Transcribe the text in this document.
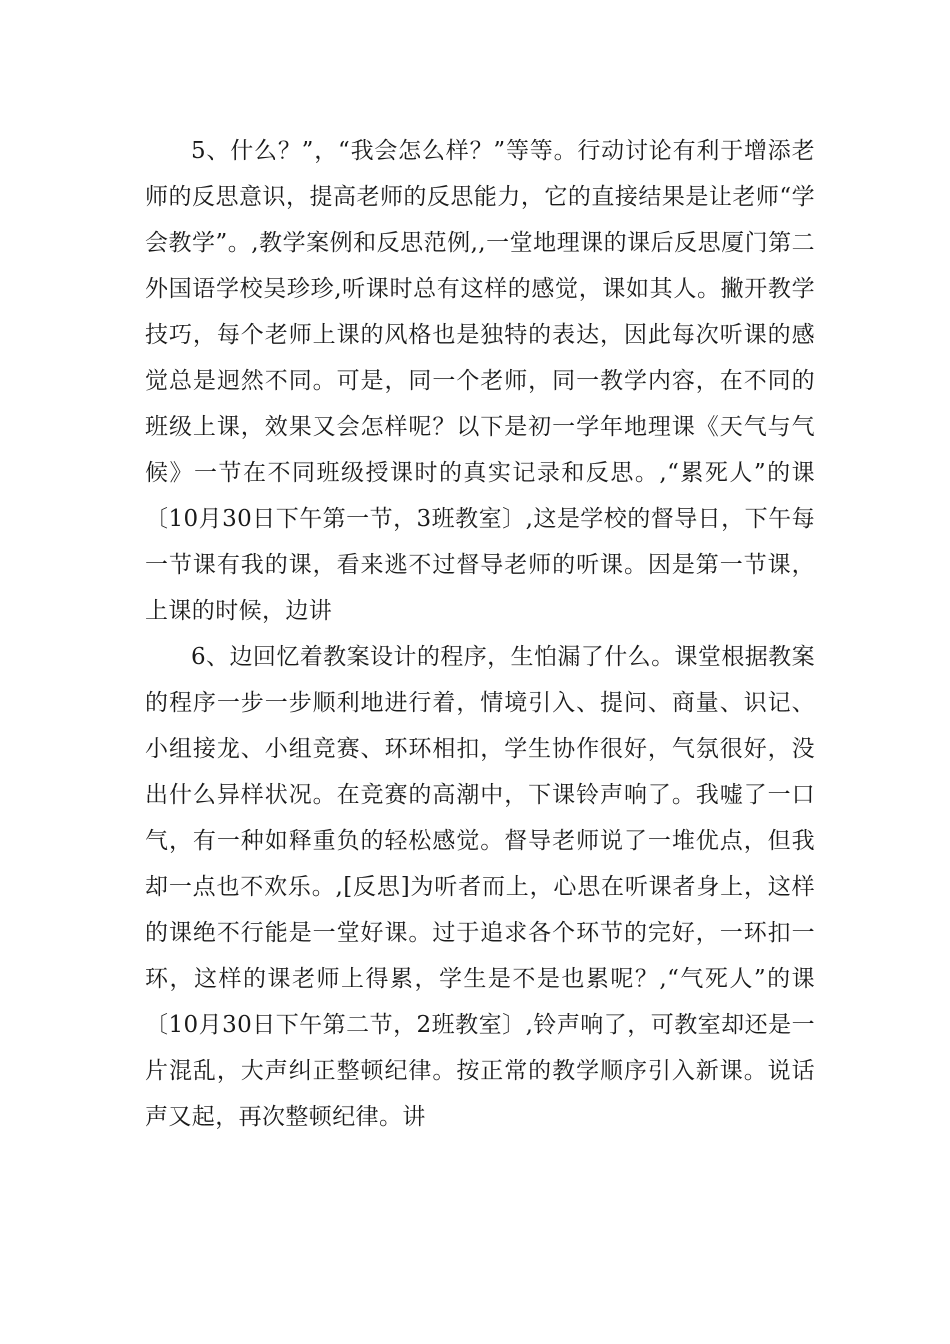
5、什么？”，“我会怎么样？”等等。行动讨论有利于增添老师的反思意识，提高老师的反思能力，它的直接结果是让老师“学会教学”。,教学案例和反思范例,,一堂地理课的课后反思厦门第二外国语学校吴珍珍,听课时总有这样的感觉，课如其人。撇开教学技巧，每个老师上课的风格也是独特的表达，因此每次听课的感觉总是迥然不同。可是，同一个老师，同一教学内容，在不同的班级上课，效果又会怎样呢？以下是初一学年地理课《天气与气候》一节在不同班级授课时的真实记录和反思。,“累死人”的课〔10月30日下午第一节，3班教室〕,这是学校的督导日，下午每一节课有我的课，看来逃不过督导老师的听课。因是第一节课，上课的时候，边讲

6、边回忆着教案设计的程序，生怕漏了什么。课堂根据教案的程序一步一步顺利地进行着，情境引入、提问、商量、识记、小组接龙、小组竞赛、环环相扣，学生协作很好，气氛很好，没出什么异样状况。在竞赛的高潮中，下课铃声响了。我嘘了一口气，有一种如释重负的轻松感觉。督导老师说了一堆优点，但我却一点也不欢乐。,[反思]为听者而上，心思在听课者身上，这样的课绝不行能是一堂好课。过于追求各个环节的完好，一环扣一环，这样的课老师上得累，学生是不是也累呢？,“气死人”的课〔10月30日下午第二节，2班教室〕,铃声响了，可教室却还是一片混乱，大声纠正整顿纪律。按正常的教学顺序引入新课。说话声又起，再次整顿纪律。讲
